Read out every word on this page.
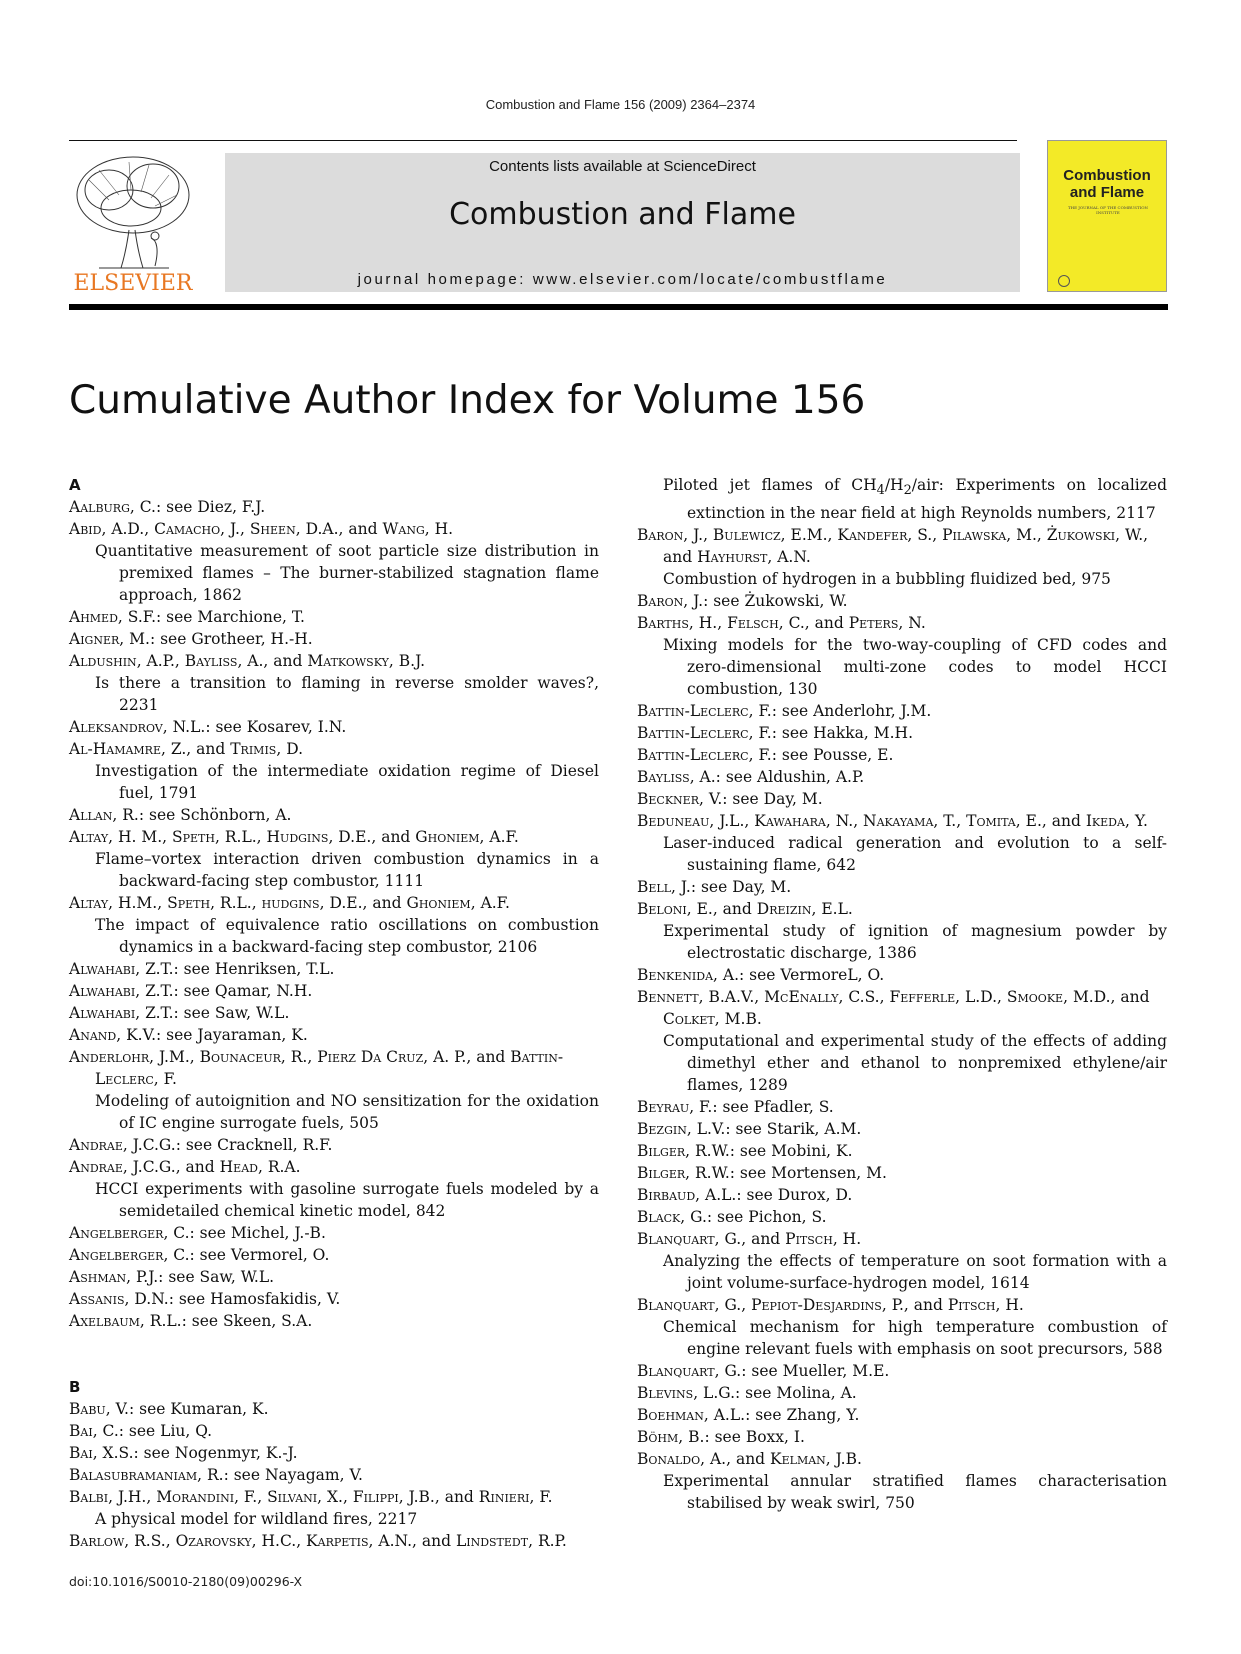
Combustion and Flame 156 (2009) 2364–2374
ELSEVIER
Contents lists available at ScienceDirect
Combustion and Flame
journal homepage: www.elsevier.com/locate/combustflame
Combustion and Flame
THE JOURNAL OF THE COMBUSTION INSTITUTE
Cumulative Author Index for Volume 156
A
Aalburg, C.: see Diez, F.J.
Abid, A.D., Camacho, J., Sheen, D.A., and Wang, H.
Quantitative measurement of soot particle size distribution in premixed flames – The burner-stabilized stagnation flame approach, 1862
Ahmed, S.F.: see Marchione, T.
Aigner, M.: see Grotheer, H.-H.
Aldushin, A.P., Bayliss, A., and Matkowsky, B.J.
Is there a transition to flaming in reverse smolder waves?, 2231
Aleksandrov, N.L.: see Kosarev, I.N.
Al-Hamamre, Z., and Trimis, D.
Investigation of the intermediate oxidation regime of Diesel fuel, 1791
Allan, R.: see Schönborn, A.
Altay, H. M., Speth, R.L., Hudgins, D.E., and Ghoniem, A.F.
Flame–vortex interaction driven combustion dynamics in a backward-facing step combustor, 1111
Altay, H.M., Speth, R.L., hudgins, D.E., and Ghoniem, A.F.
The impact of equivalence ratio oscillations on combustion dynamics in a backward-facing step combustor, 2106
Alwahabi, Z.T.: see Henriksen, T.L.
Alwahabi, Z.T.: see Qamar, N.H.
Alwahabi, Z.T.: see Saw, W.L.
Anand, K.V.: see Jayaraman, K.
Anderlohr, J.M., Bounaceur, R., Pierz Da Cruz, A. P., and Battin-Leclerc, F.
Modeling of autoignition and NO sensitization for the oxidation of IC engine surrogate fuels, 505
Andrae, J.C.G.: see Cracknell, R.F.
Andrae, J.C.G., and Head, R.A.
HCCI experiments with gasoline surrogate fuels modeled by a semidetailed chemical kinetic model, 842
Angelberger, C.: see Michel, J.-B.
Angelberger, C.: see Vermorel, O.
Ashman, P.J.: see Saw, W.L.
Assanis, D.N.: see Hamosfakidis, V.
Axelbaum, R.L.: see Skeen, S.A.
B
Babu, V.: see Kumaran, K.
Bai, C.: see Liu, Q.
Bai, X.S.: see Nogenmyr, K.-J.
Balasubramaniam, R.: see Nayagam, V.
Balbi, J.H., Morandini, F., Silvani, X., Filippi, J.B., and Rinieri, F.
A physical model for wildland fires, 2217
Barlow, R.S., Ozarovsky, H.C., Karpetis, A.N., and Lindstedt, R.P.
Piloted jet flames of $CH_4/H_2$/air: Experiments on localized extinction in the near field at high Reynolds numbers, 2117
Baron, J., Bulewicz, E.M., Kandefer, S., Pilawska, M., Żukowski, W., and Hayhurst, A.N.
Combustion of hydrogen in a bubbling fluidized bed, 975
Baron, J.: see Żukowski, W.
Barths, H., Felsch, C., and Peters, N.
Mixing models for the two-way-coupling of CFD codes and zero-dimensional multi-zone codes to model HCCI combustion, 130
Battin-Leclerc, F.: see Anderlohr, J.M.
Battin-Leclerc, F.: see Hakka, M.H.
Battin-Leclerc, F.: see Pousse, E.
Bayliss, A.: see Aldushin, A.P.
Beckner, V.: see Day, M.
Beduneau, J.L., Kawahara, N., Nakayama, T., Tomita, E., and Ikeda, Y.
Laser-induced radical generation and evolution to a self-sustaining flame, 642
Bell, J.: see Day, M.
Beloni, E., and Dreizin, E.L.
Experimental study of ignition of magnesium powder by electrostatic discharge, 1386
Benkenida, A.: see VermoreL, O.
Bennett, B.A.V., McEnally, C.S., Fefferle, L.D., Smooke, M.D., and Colket, M.B.
Computational and experimental study of the effects of adding dimethyl ether and ethanol to nonpremixed ethylene/air flames, 1289
Beyrau, F.: see Pfadler, S.
Bezgin, L.V.: see Starik, A.M.
Bilger, R.W.: see Mobini, K.
Bilger, R.W.: see Mortensen, M.
Birbaud, A.L.: see Durox, D.
Black, G.: see Pichon, S.
Blanquart, G., and Pitsch, H.
Analyzing the effects of temperature on soot formation with a joint volume-surface-hydrogen model, 1614
Blanquart, G., Pepiot-Desjardins, P., and Pitsch, H.
Chemical mechanism for high temperature combustion of engine relevant fuels with emphasis on soot precursors, 588
Blanquart, G.: see Mueller, M.E.
Blevins, L.G.: see Molina, A.
Boehman, A.L.: see Zhang, Y.
Böhm, B.: see Boxx, I.
Bonaldo, A., and Kelman, J.B.
Experimental annular stratified flames characterisation stabilised by weak swirl, 750
doi:10.1016/S0010-2180(09)00296-X
